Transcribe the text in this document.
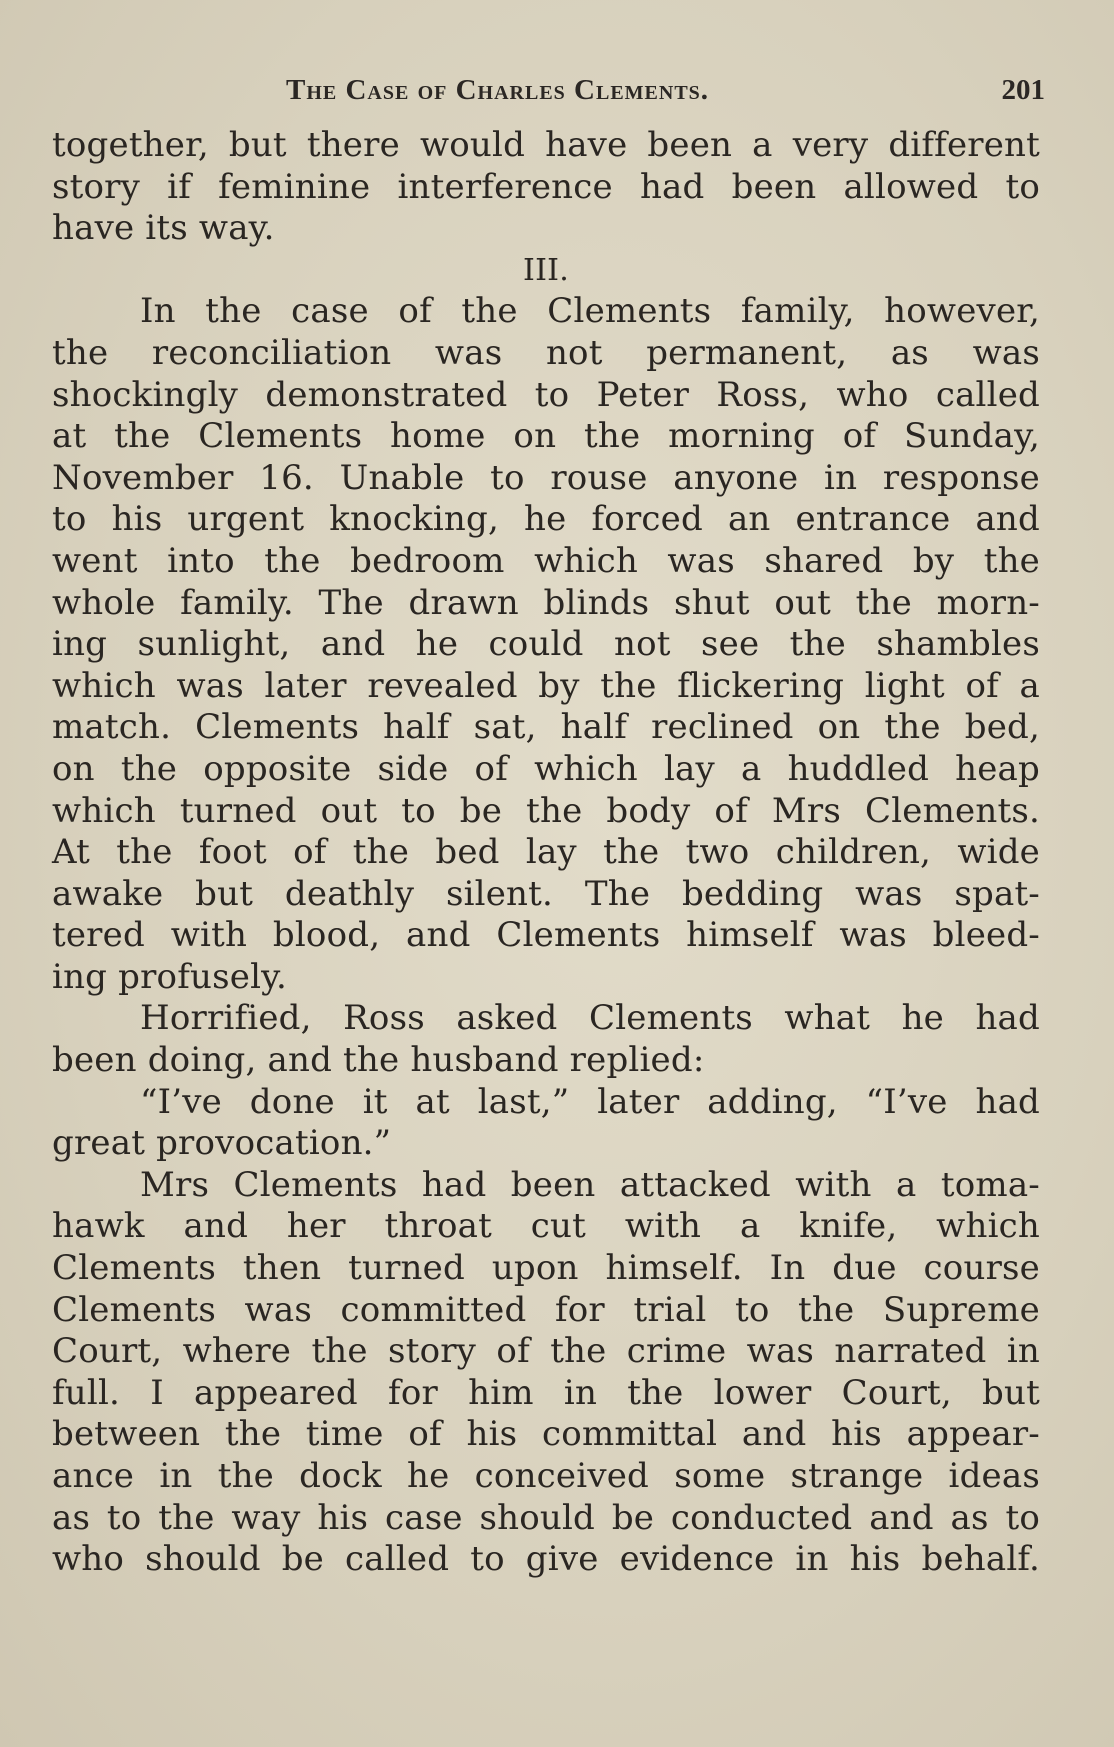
The Case of Charles Clements.	201
together, but there would have been a very different
story if feminine interference had been allowed to
have its way.
III.
In the case of the Clements family, however,
the reconciliation was not permanent, as was
shockingly demonstrated to Peter Ross, who called
at the Clements home on the morning of Sunday,
November 16. Unable to rouse anyone in response
to his urgent knocking, he forced an entrance and
went into the bedroom which was shared by the
whole family. The drawn blinds shut out the morn-
ing sunlight, and he could not see the shambles
which was later revealed by the flickering light of a
match. Clements half sat, half reclined on the bed,
on the opposite side of which lay a huddled heap
which turned out to be the body of Mrs Clements.
At the foot of the bed lay the two children, wide
awake but deathly silent. The bedding was spat-
tered with blood, and Clements himself was bleed-
ing profusely.
Horrified, Ross asked Clements what he had
been doing, and the husband replied:
“I’ve done it at last,” later adding, “I’ve had
great provocation.”
Mrs Clements had been attacked with a toma-
hawk and her throat cut with a knife, which
Clements then turned upon himself. In due course
Clements was committed for trial to the Supreme
Court, where the story of the crime was narrated in
full. I appeared for him in the lower Court, but
between the time of his committal and his appear-
ance in the dock he conceived some strange ideas
as to the way his case should be conducted and as to
who should be called to give evidence in his behalf.
